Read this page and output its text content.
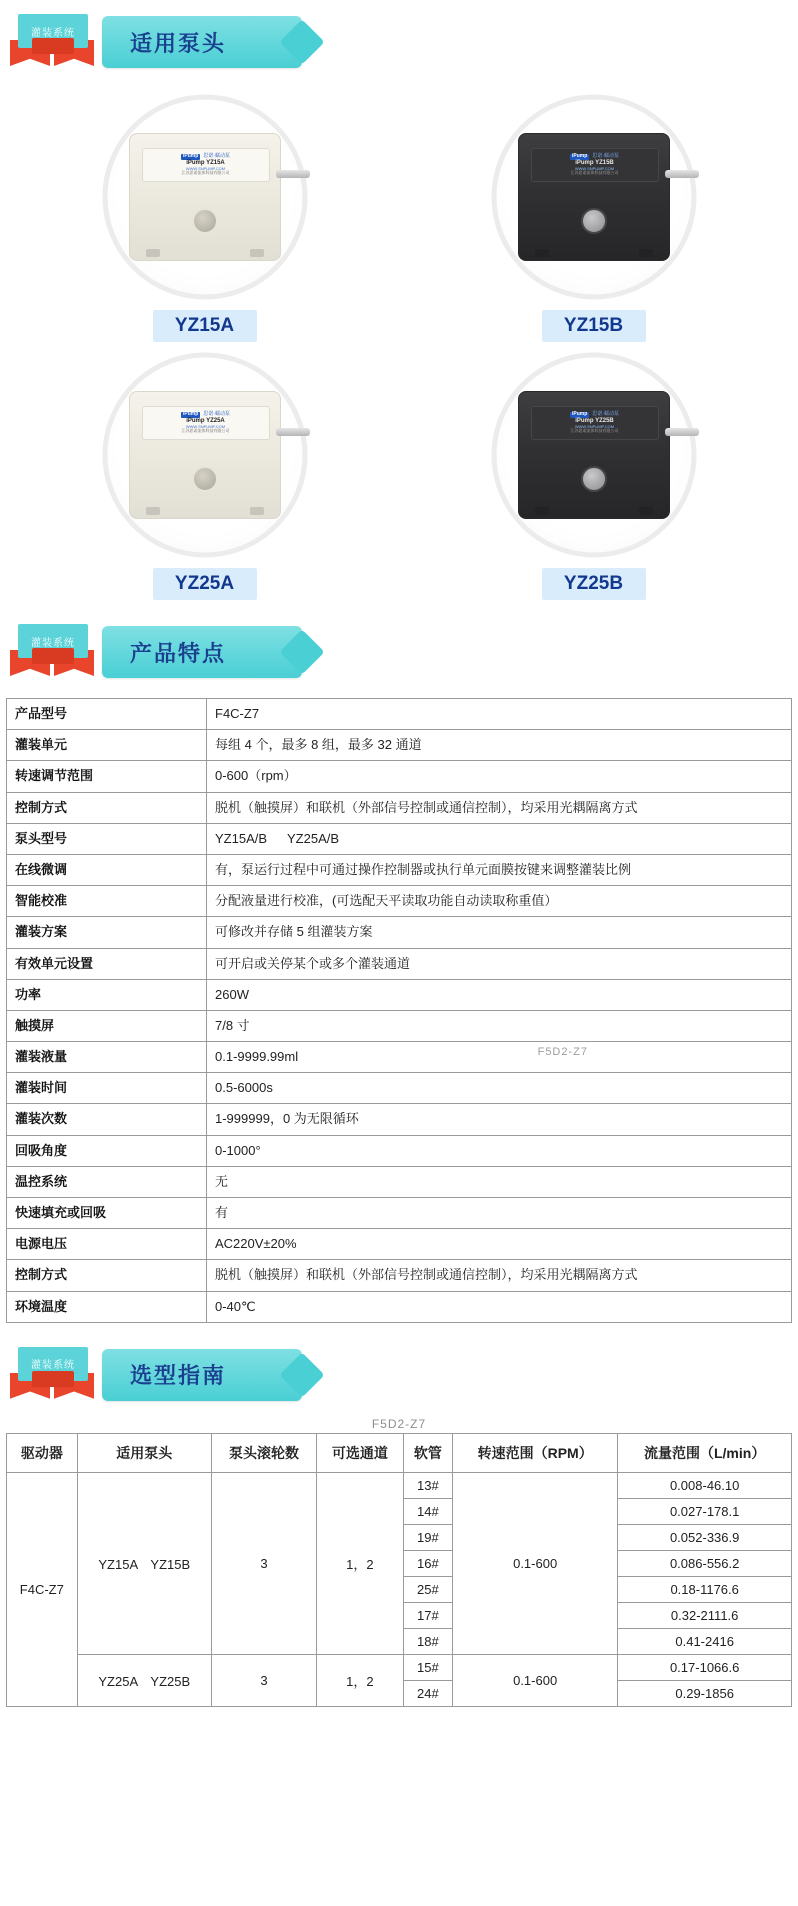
灌装系统	适用泵头
iPump	思诺·蠕动泵
iPump YZ15A
WWW.SNPUMP.COM
江苏思诺流体科技有限公司
YZ15A
iPump	思诺·蠕动泵
iPump YZ15B
WWW.SNPUMP.COM
江苏思诺流体科技有限公司
YZ15B
iPump	思诺·蠕动泵
iPump YZ25A
WWW.SNPUMP.COM
江苏思诺流体科技有限公司
YZ25A
iPump	思诺·蠕动泵
iPump YZ25B
WWW.SNPUMP.COM
江苏思诺流体科技有限公司
YZ25B
灌装系统	产品特点
F5D2-Z7
产品型号	F4C-Z7
灌装单元	每组 4 个，最多 8 组，最多 32 通道
转速调节范围	0-600（rpm）
控制方式	脱机（触摸屏）和联机（外部信号控制或通信控制），均采用光耦隔离方式
泵头型号	YZ15A/B 　 YZ25A/B
在线微调	有，泵运行过程中可通过操作控制器或执行单元面膜按键来调整灌装比例
智能校准	分配液量进行校准，(可选配天平读取功能自动读取称重值）
灌装方案	可修改并存储 5 组灌装方案
有效单元设置	可开启或关停某个或多个灌装通道
功率	260W
触摸屏	7/8 寸
灌装液量	0.1-9999.99ml
灌装时间	0.5-6000s
灌装次数	1-999999，0 为无限循环
回吸角度	0-1000°
温控系统	无
快速填充或回吸	有
电源电压	AC220V±20%
控制方式	脱机（触摸屏）和联机（外部信号控制或通信控制），均采用光耦隔离方式
环境温度	0-40℃
灌装系统	选型指南
F5D2-Z7
驱动器	适用泵头	泵头滚轮数	可选通道	软管	转速范围（RPM）	流量范围（L/min）
F4C-Z7	YZ15A　YZ15B	3	1，2	13#	0.1-600	0.008-46.10
				14#		0.027-178.1
				19#		0.052-336.9
				16#		0.086-556.2
				25#		0.18-1176.6
				17#		0.32-2111.6
				18#		0.41-2416
	YZ25A　YZ25B	3	1，2	15#	0.1-600	0.17-1066.6
				24#		0.29-1856
